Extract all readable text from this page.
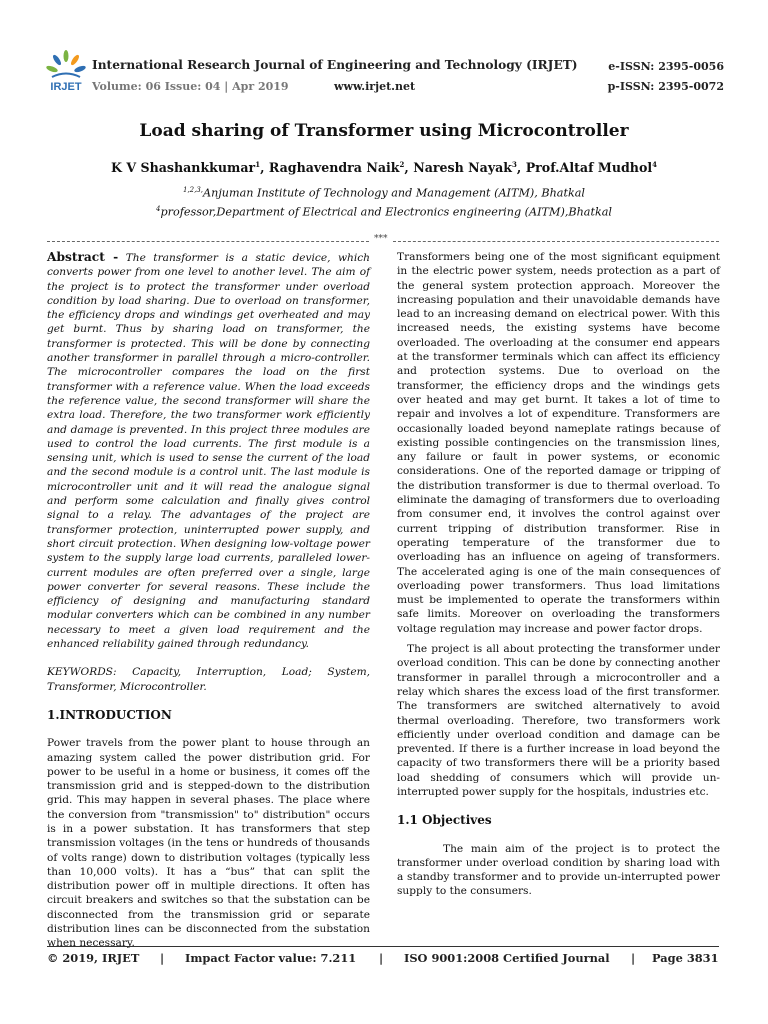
IRJET
International Research Journal of Engineering and Technology (IRJET)
Volume: 06 Issue: 04 | Apr 2019	www.irjet.net
e-ISSN: 2395-0056
p-ISSN: 2395-0072
Load sharing of Transformer using Microcontroller
K V Shashankkumar$^1$, Raghavendra Naik$^2$, Naresh Nayak$^3$, Prof.Altaf Mudhol$^4$
$^{1,2,3,}$Anjuman Institute of Technology and Management (AITM), Bhatkal
$^4$professor,Department of Electrical and Electronics engineering (AITM),Bhatkal
***

Abstract - The transformer is a static device, which converts power from one level to another level. The aim of the project is to protect the transformer under overload condition by load sharing. Due to overload on transformer, the efficiency drops and windings get overheated and may get burnt. Thus by sharing load on transformer, the transformer is protected. This will be done by connecting another transformer in parallel through a micro-controller. The microcontroller compares the load on the first transformer with a reference value. When the load exceeds the reference value, the second transformer will share the extra load. Therefore, the two transformer work efficiently and damage is prevented. In this project three modules are used to control the load currents. The first module is a sensing unit, which is used to sense the current of the load and the second module is a control unit. The last module is microcontroller unit and it will read the analogue signal and perform some calculation and finally gives control signal to a relay. The advantages of the project are transformer protection, uninterrupted power supply, and short circuit protection. When designing low-voltage power system to the supply large load currents, paralleled lower-current modules are often preferred over a single, large power converter for several reasons. These include the efficiency of designing and manufacturing standard modular converters which can be combined in any number necessary to meet a given load requirement and the enhanced reliability gained through redundancy.

KEYWORDS: Capacity, Interruption, Load; System, Transformer, Microcontroller.

1.INTRODUCTION

Power travels from the power plant to house through an amazing system called the power distribution grid. For power to be useful in a home or business, it comes off the transmission grid and is stepped-down to the distribution grid. This may happen in several phases. The place where the conversion from "transmission" to" distribution" occurs is in a power substation. It has transformers that step transmission voltages (in the tens or hundreds of thousands of volts range) down to distribution voltages (typically less than 10,000 volts). It has a “bus” that can split the distribution power off in multiple directions. It often has circuit breakers and switches so that the substation can be disconnected from the transmission grid or separate distribution lines can be disconnected from the substation when necessary.

Transformers being one of the most significant equipment in the electric power system, needs protection as a part of the general system protection approach. Moreover the increasing population and their unavoidable demands have lead to an increasing demand on electrical power. With this increased needs, the existing systems have become overloaded. The overloading at the consumer end appears at the transformer terminals which can affect its efficiency and protection systems. Due to overload on the transformer, the efficiency drops and the windings gets over heated and may get burnt. It takes a lot of time to repair and involves a lot of expenditure. Transformers are occasionally loaded beyond nameplate ratings because of existing possible contingencies on the transmission lines, any failure or fault in power systems, or economic considerations. One of the reported damage or tripping of the distribution transformer is due to thermal overload. To eliminate the damaging of transformers due to overloading from consumer end, it involves the control against over current tripping of distribution transformer. Rise in operating temperature of the transformer due to overloading has an influence on ageing of transformers. The accelerated aging is one of the main consequences of overloading power transformers. Thus load limitations must be implemented to operate the transformers within safe limits. Moreover on overloading the transformers voltage regulation may increase and power factor drops.

The project is all about protecting the transformer under overload condition. This can be done by connecting another transformer in parallel through a microcontroller and a relay which shares the excess load of the first transformer. The transformers are switched alternatively to avoid thermal overloading. Therefore, two transformers work efficiently under overload condition and damage can be prevented. If there is a further increase in load beyond the capacity of two transformers there will be a priority based load shedding of consumers which will provide un-interrupted power supply for the hospitals, industries etc.

1.1 Objectives

The main aim of the project is to protect the transformer under overload condition by sharing load with a standby transformer and to provide un-interrupted power supply to the consumers.

© 2019, IRJET | Impact Factor value: 7.211 | ISO 9001:2008 Certified Journal | Page 3831
